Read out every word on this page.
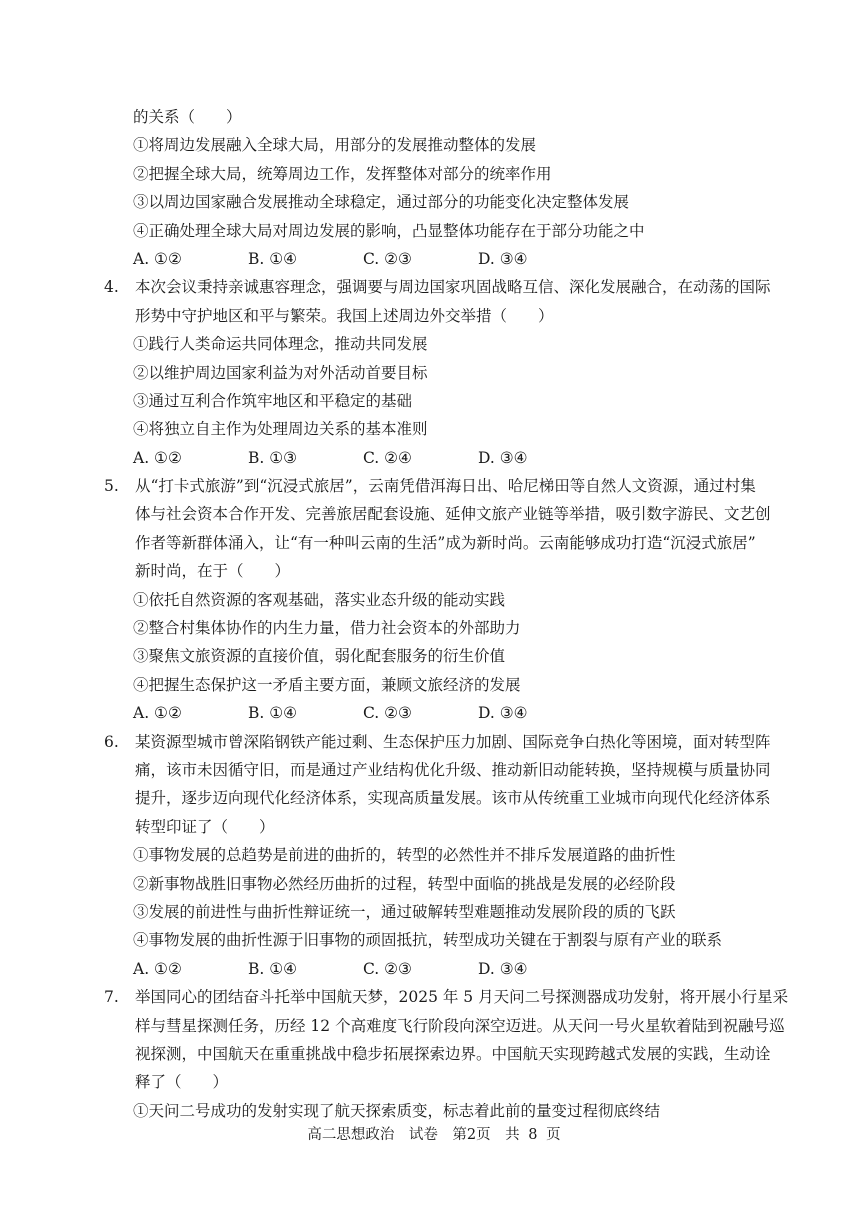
的关系（　　）
①将周边发展融入全球大局，用部分的发展推动整体的发展
②把握全球大局，统筹周边工作，发挥整体对部分的统率作用
③以周边国家融合发展推动全球稳定，通过部分的功能变化决定整体发展
④正确处理全球大局对周边发展的影响，凸显整体功能存在于部分功能之中
A. ①②	B. ①④	C. ②③	D. ③④
4. 本次会议秉持亲诚惠容理念，强调要与周边国家巩固战略互信、深化发展融合，在动荡的国际
形势中守护地区和平与繁荣。我国上述周边外交举措（　　）
①践行人类命运共同体理念，推动共同发展
②以维护周边国家利益为对外活动首要目标
③通过互利合作筑牢地区和平稳定的基础
④将独立自主作为处理周边关系的基本准则
A. ①②	B. ①③	C. ②④	D. ③④
5. 从“打卡式旅游”到“沉浸式旅居”，云南凭借洱海日出、哈尼梯田等自然人文资源，通过村集
体与社会资本合作开发、完善旅居配套设施、延伸文旅产业链等举措，吸引数字游民、文艺创
作者等新群体涌入，让“有一种叫云南的生活”成为新时尚。云南能够成功打造“沉浸式旅居”
新时尚，在于（　　）
①依托自然资源的客观基础，落实业态升级的能动实践
②整合村集体协作的内生力量，借力社会资本的外部助力
③聚焦文旅资源的直接价值，弱化配套服务的衍生价值
④把握生态保护这一矛盾主要方面，兼顾文旅经济的发展
A. ①②	B. ①④	C. ②③	D. ③④
6. 某资源型城市曾深陷钢铁产能过剩、生态保护压力加剧、国际竞争白热化等困境，面对转型阵
痛，该市未因循守旧，而是通过产业结构优化升级、推动新旧动能转换，坚持规模与质量协同
提升，逐步迈向现代化经济体系，实现高质量发展。该市从传统重工业城市向现代化经济体系
转型印证了（　　）
①事物发展的总趋势是前进的曲折的，转型的必然性并不排斥发展道路的曲折性
②新事物战胜旧事物必然经历曲折的过程，转型中面临的挑战是发展的必经阶段
③发展的前进性与曲折性辩证统一，通过破解转型难题推动发展阶段的质的飞跃
④事物发展的曲折性源于旧事物的顽固抵抗，转型成功关键在于割裂与原有产业的联系
A. ①②	B. ①④	C. ②③	D. ③④
7. 举国同心的团结奋斗托举中国航天梦，2025 年 5 月天问二号探测器成功发射，将开展小行星采
样与彗星探测任务，历经 12 个高难度飞行阶段向深空迈进。从天问一号火星软着陆到祝融号巡
视探测，中国航天在重重挑战中稳步拓展探索边界。中国航天实现跨越式发展的实践，生动诠
释了（　　）
①天问二号成功的发射实现了航天探索质变，标志着此前的量变过程彻底终结
高二思想政治　试卷　第2页　共 8 页
